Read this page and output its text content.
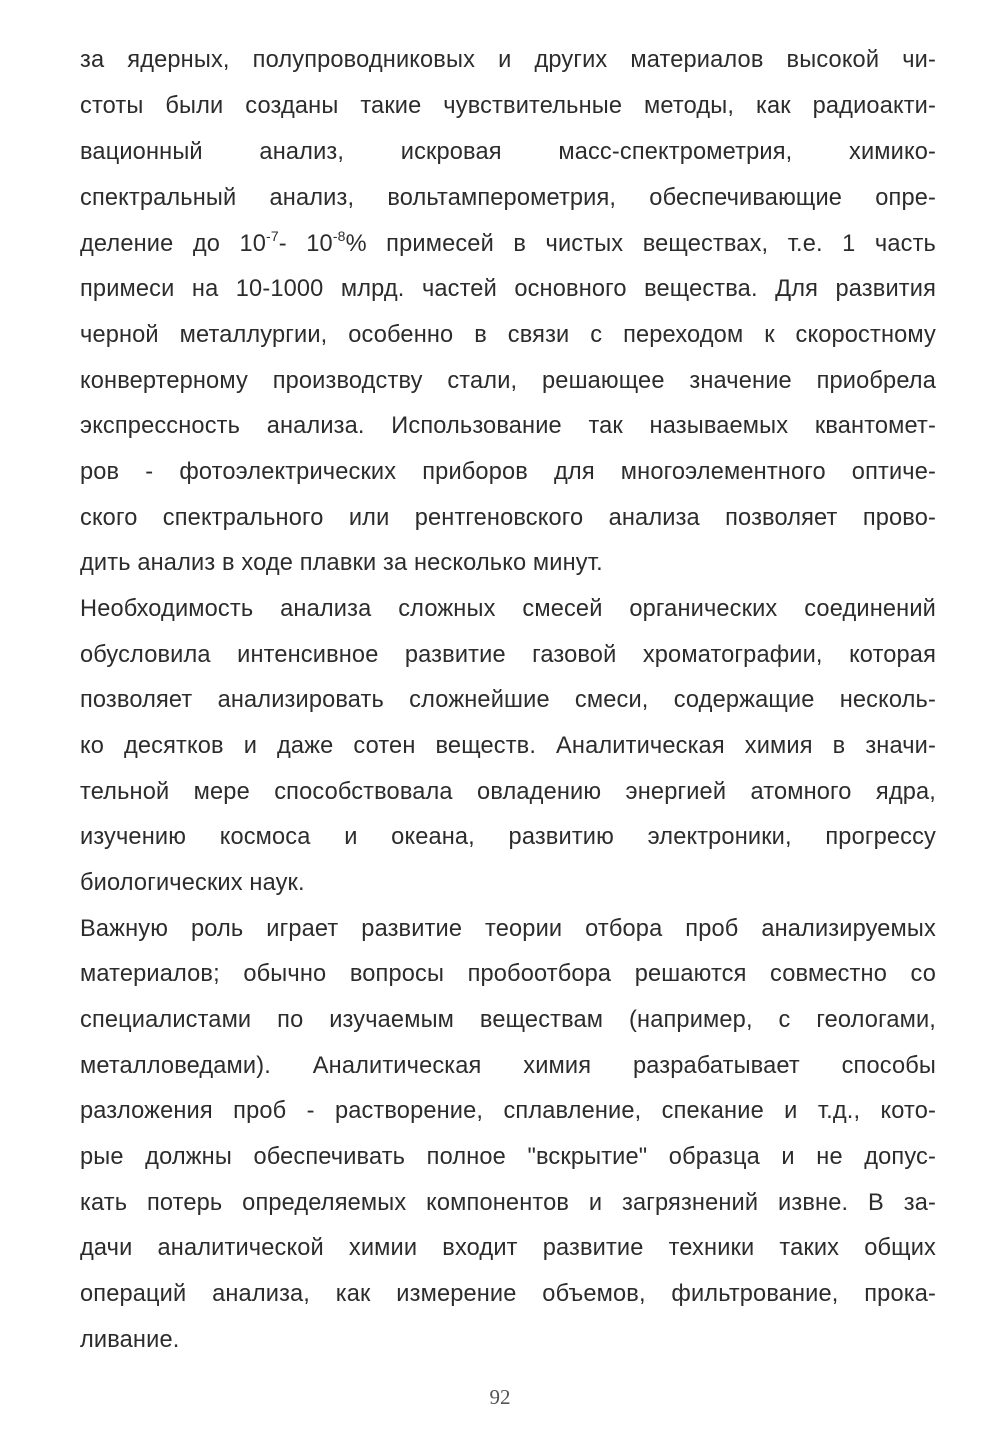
за ядерных, полупроводниковых и других материалов высокой чи-
стоты были созданы такие чувствительные методы, как радиоакти-
вационный анализ, искровая масс-спектрометрия, химико-
спектральный анализ, вольтамперометрия, обеспечивающие опре-
деление до $10^{-7}-$ $10^{-8}\%$ примесей в чистых веществах, т.е. 1 часть
примеси на 10-1000 млрд. частей основного вещества. Для развития
черной металлургии, особенно в связи с переходом к скоростному
конвертерному производству стали, решающее значение приобрела
экспрессность анализа. Использование так называемых квантомет-
ров - фотоэлектрических приборов для многоэлементного оптиче-
ского спектрального или рентгеновского анализа позволяет прово-
дить анализ в ходе плавки за несколько минут.
Необходимость анализа сложных смесей органических соединений
обусловила интенсивное развитие газовой хроматографии, которая
позволяет анализировать сложнейшие смеси, содержащие несколь-
ко десятков и даже сотен веществ. Аналитическая химия в значи-
тельной мере способствовала овладению энергией атомного ядра,
изучению космоса и океана, развитию электроники, прогрессу
биологических наук.
Важную роль играет развитие теории отбора проб анализируемых
материалов; обычно вопросы пробоотбора решаются совместно со
специалистами по изучаемым веществам (например, с геологами,
металловедами). Аналитическая химия разрабатывает способы
разложения проб - растворение, сплавление, спекание и т.д., кото-
рые должны обеспечивать полное "вскрытие" образца и не допус-
кать потерь определяемых компонентов и загрязнений извне. В за-
дачи аналитической химии входит развитие техники таких общих
операций анализа, как измерение объемов, фильтрование, прока-
ливание.
92
